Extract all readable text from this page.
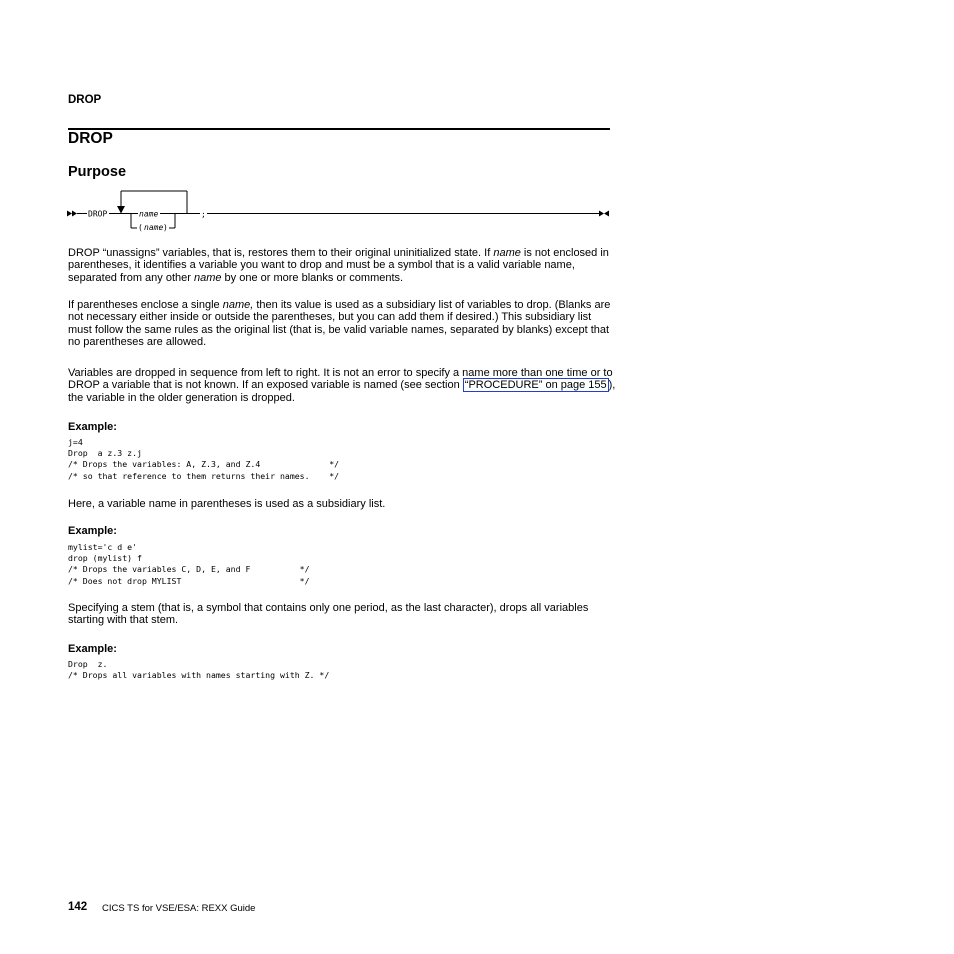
DROP
DROP
Purpose
DROP	name
( name )
;
DROP “unassigns” variables, that is, restores them to their original uninitialized state. If name is not enclosed in parentheses, it identifies a variable you want to drop and must be a symbol that is a valid variable name, separated from any other name by one or more blanks or comments.
If parentheses enclose a single name, then its value is used as a subsidiary list of variables to drop. (Blanks are not necessary either inside or outside the parentheses, but you can add them if desired.) This subsidiary list must follow the same rules as the original list (that is, be valid variable names, separated by blanks) except that no parentheses are allowed.
Variables are dropped in sequence from left to right. It is not an error to specify a name more than one time or to DROP a variable that is not known. If an exposed variable is named (see section “PROCEDURE” on page 155 ), the variable in the older generation is dropped.
Example:
j=4
Drop  a z.3 z.j
/* Drops the variables: A, Z.3, and Z.4              */
/* so that reference to them returns their names.    */
Here, a variable name in parentheses is used as a subsidiary list.
Example:
mylist='c d e'
drop (mylist) f
/* Drops the variables C, D, E, and F          */
/* Does not drop MYLIST                        */
Specifying a stem (that is, a symbol that contains only one period, as the last character), drops all variables starting with that stem.
Example:
Drop  z.
/* Drops all variables with names starting with Z. */
142 CICS TS for VSE/ESA: REXX Guide
